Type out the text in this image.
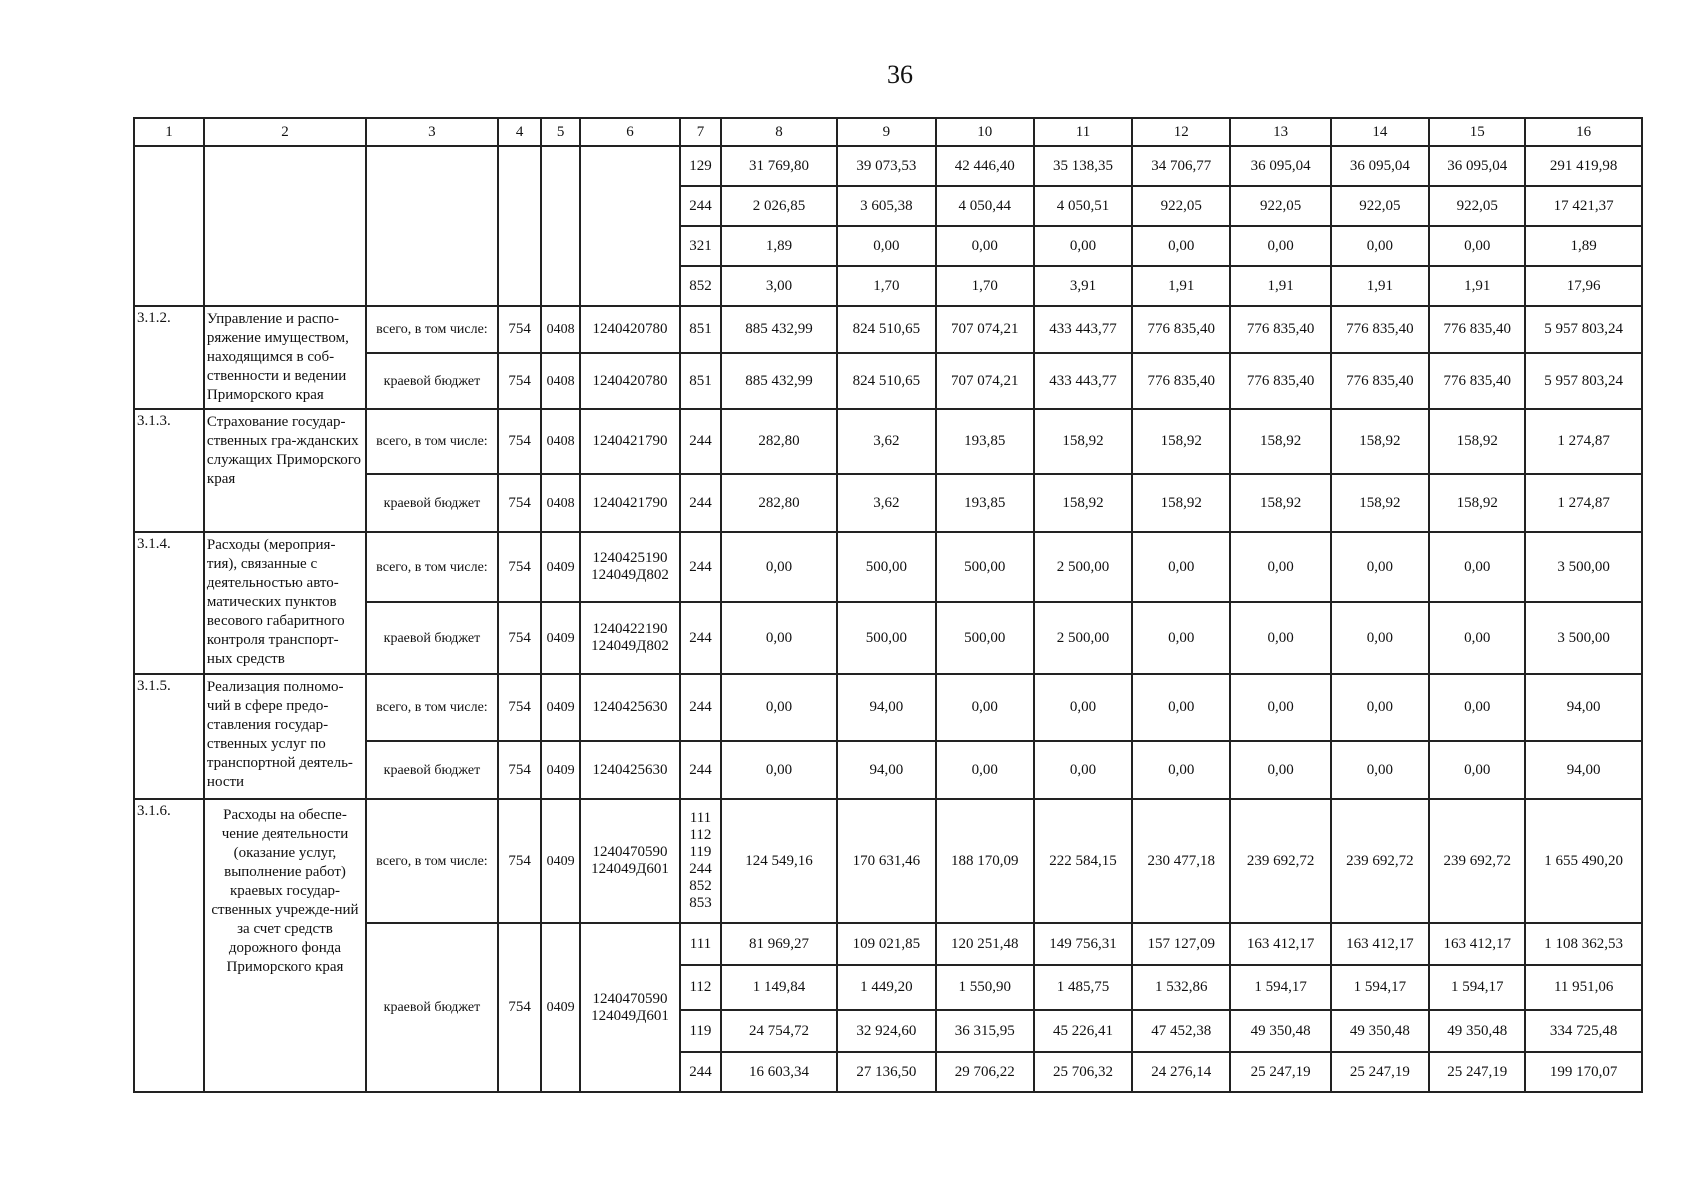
36
1	2	3	4	5	6	7	8	9	10	11	12	13	14	15	16
						129	31 769,80	39 073,53	42 446,40	35 138,35	34 706,77	36 095,04	36 095,04	36 095,04	291 419,98
						244	2 026,85	3 605,38	4 050,44	4 050,51	922,05	922,05	922,05	922,05	17 421,37
						321	1,89	0,00	0,00	0,00	0,00	0,00	0,00	0,00	1,89
						852	3,00	1,70	1,70	3,91	1,91	1,91	1,91	1,91	17,96
3.1.2.	Управление и распо-ряжение имуществом, находящимся в соб-ственности и ведении Приморского края	всего, в том числе:	754	0408	1240420780	851	885 432,99	824 510,65	707 074,21	433 443,77	776 835,40	776 835,40	776 835,40	776 835,40	5 957 803,24
		краевой бюджет	754	0408	1240420780	851	885 432,99	824 510,65	707 074,21	433 443,77	776 835,40	776 835,40	776 835,40	776 835,40	5 957 803,24
3.1.3.	Страхование государ-ственных гра-жданских служащих Приморского края	всего, в том числе:	754	0408	1240421790	244	282,80	3,62	193,85	158,92	158,92	158,92	158,92	158,92	1 274,87
		краевой бюджет	754	0408	1240421790	244	282,80	3,62	193,85	158,92	158,92	158,92	158,92	158,92	1 274,87
3.1.4.	Расходы (мероприя-тия), связанные с деятельностью авто-матических пунктов весового габаритного контроля транспорт-ных средств	всего, в том числе:	754	0409	1240425190 124049Д802	244	0,00	500,00	500,00	2 500,00	0,00	0,00	0,00	0,00	3 500,00
		краевой бюджет	754	0409	1240422190 124049Д802	244	0,00	500,00	500,00	2 500,00	0,00	0,00	0,00	0,00	3 500,00
3.1.5.	Реализация полномо-чий в сфере предо-ставления государ-ственных услуг по транспортной деятель-ности	всего, в том числе:	754	0409	1240425630	244	0,00	94,00	0,00	0,00	0,00	0,00	0,00	0,00	94,00
		краевой бюджет	754	0409	1240425630	244	0,00	94,00	0,00	0,00	0,00	0,00	0,00	0,00	94,00
3.1.6.	Расходы на обеспе-чение деятельности (оказание услуг, выполнение работ) краевых государ-ственных учрежде-ний за счет средств дорожного фонда Приморского края	всего, в том числе:	754	0409	1240470590 124049Д601	111 112 119 244 852 853	124 549,16	170 631,46	188 170,09	222 584,15	230 477,18	239 692,72	239 692,72	239 692,72	1 655 490,20
		краевой бюджет	754	0409	1240470590 124049Д601	111	81 969,27	109 021,85	120 251,48	149 756,31	157 127,09	163 412,17	163 412,17	163 412,17	1 108 362,53
						112	1 149,84	1 449,20	1 550,90	1 485,75	1 532,86	1 594,17	1 594,17	1 594,17	11 951,06
						119	24 754,72	32 924,60	36 315,95	45 226,41	47 452,38	49 350,48	49 350,48	49 350,48	334 725,48
						244	16 603,34	27 136,50	29 706,22	25 706,32	24 276,14	25 247,19	25 247,19	25 247,19	199 170,07
